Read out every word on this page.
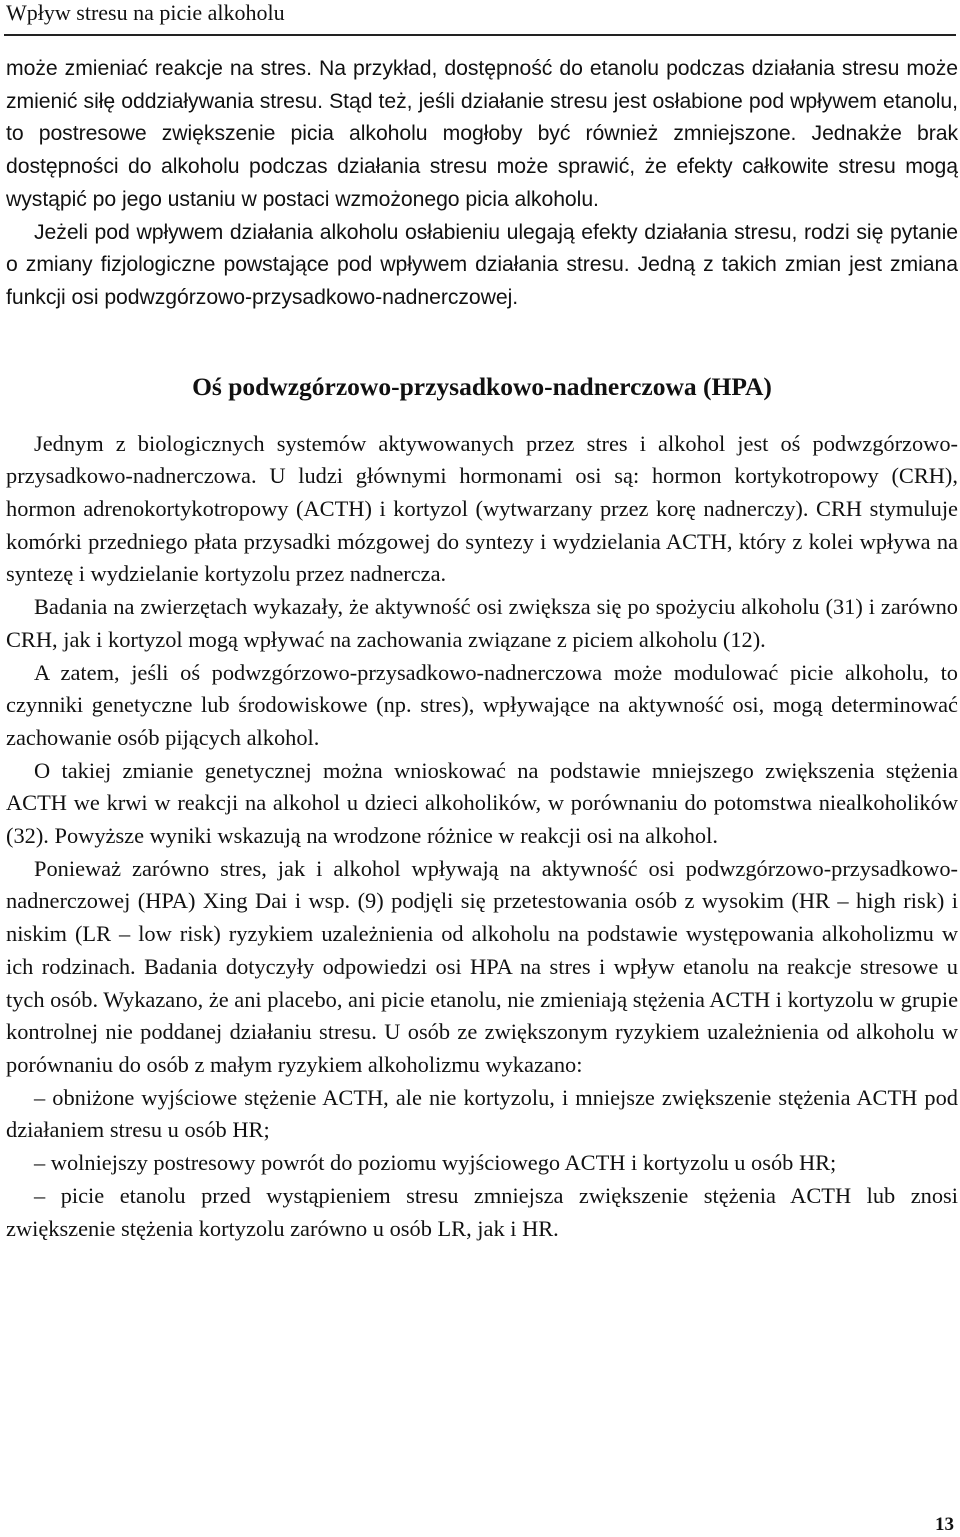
Wpływ stresu na picie alkoholu

może zmieniać reakcje na stres. Na przykład, dostępność do etanolu podczas działania stresu może zmienić siłę oddziaływania stresu. Stąd też, jeśli działanie stresu jest osłabione pod wpływem etanolu, to postresowe zwiększenie picia alkoholu mogłoby być również zmniejszone. Jednakże brak dostępności do alkoholu podczas działania stresu może sprawić, że efekty całkowite stresu mogą wystąpić po jego ustaniu w postaci wzmożonego picia alkoholu.

Jeżeli pod wpływem działania alkoholu osłabieniu ulegają efekty działania stresu, rodzi się pytanie o zmiany fizjologiczne powstające pod wpływem działania stresu. Jedną z takich zmian jest zmiana funkcji osi podwzgórzowo-przysadkowo-nadnerczowej.

Oś podwzgórzowo-przysadkowo-nadnerczowa (HPA)

Jednym z biologicznych systemów aktywowanych przez stres i alkohol jest oś podwzgórzowo-przysadkowo-nadnerczowa. U ludzi głównymi hormonami osi są: hormon kortykotropowy (CRH), hormon adrenokortykotropowy (ACTH) i kortyzol (wytwarzany przez korę nadnerczy). CRH stymuluje komórki przedniego płata przysadki mózgowej do syntezy i wydzielania ACTH, który z kolei wpływa na syntezę i wydzielanie kortyzolu przez nadnercza.

Badania na zwierzętach wykazały, że aktywność osi zwiększa się po spożyciu alkoholu (31) i zarówno CRH, jak i kortyzol mogą wpływać na zachowania związane z piciem alkoholu (12).

A zatem, jeśli oś podwzgórzowo-przysadkowo-nadnerczowa może modulować picie alkoholu, to czynniki genetyczne lub środowiskowe (np. stres), wpływające na aktywność osi, mogą determinować zachowanie osób pijących alkohol.

O takiej zmianie genetycznej można wnioskować na podstawie mniejszego zwiększenia stężenia ACTH we krwi w reakcji na alkohol u dzieci alkoholików, w porównaniu do potomstwa niealkoholików (32). Powyższe wyniki wskazują na wrodzone różnice w reakcji osi na alkohol.

Ponieważ zarówno stres, jak i alkohol wpływają na aktywność osi podwzgórzowo-przysadkowo-nadnerczowej (HPA) Xing Dai i wsp. (9) podjęli się przetestowania osób z wysokim (HR – high risk) i niskim (LR – low risk) ryzykiem uzależnienia od alkoholu na podstawie występowania alkoholizmu w ich rodzinach. Badania dotyczyły odpowiedzi osi HPA na stres i wpływ etanolu na reakcje stresowe u tych osób. Wykazano, że ani placebo, ani picie etanolu, nie zmieniają stężenia ACTH i kortyzolu w grupie kontrolnej nie poddanej działaniu stresu. U osób ze zwiększonym ryzykiem uzależnienia od alkoholu w porównaniu do osób z małym ryzykiem alkoholizmu wykazano:

– obniżone wyjściowe stężenie ACTH, ale nie kortyzolu, i mniejsze zwiększenie stężenia ACTH pod działaniem stresu u osób HR;

– wolniejszy postresowy powrót do poziomu wyjściowego ACTH i kortyzolu u osób HR;

– picie etanolu przed wystąpieniem stresu zmniejsza zwiększenie stężenia ACTH lub znosi zwiększenie stężenia kortyzolu zarówno u osób LR, jak i HR.

13
